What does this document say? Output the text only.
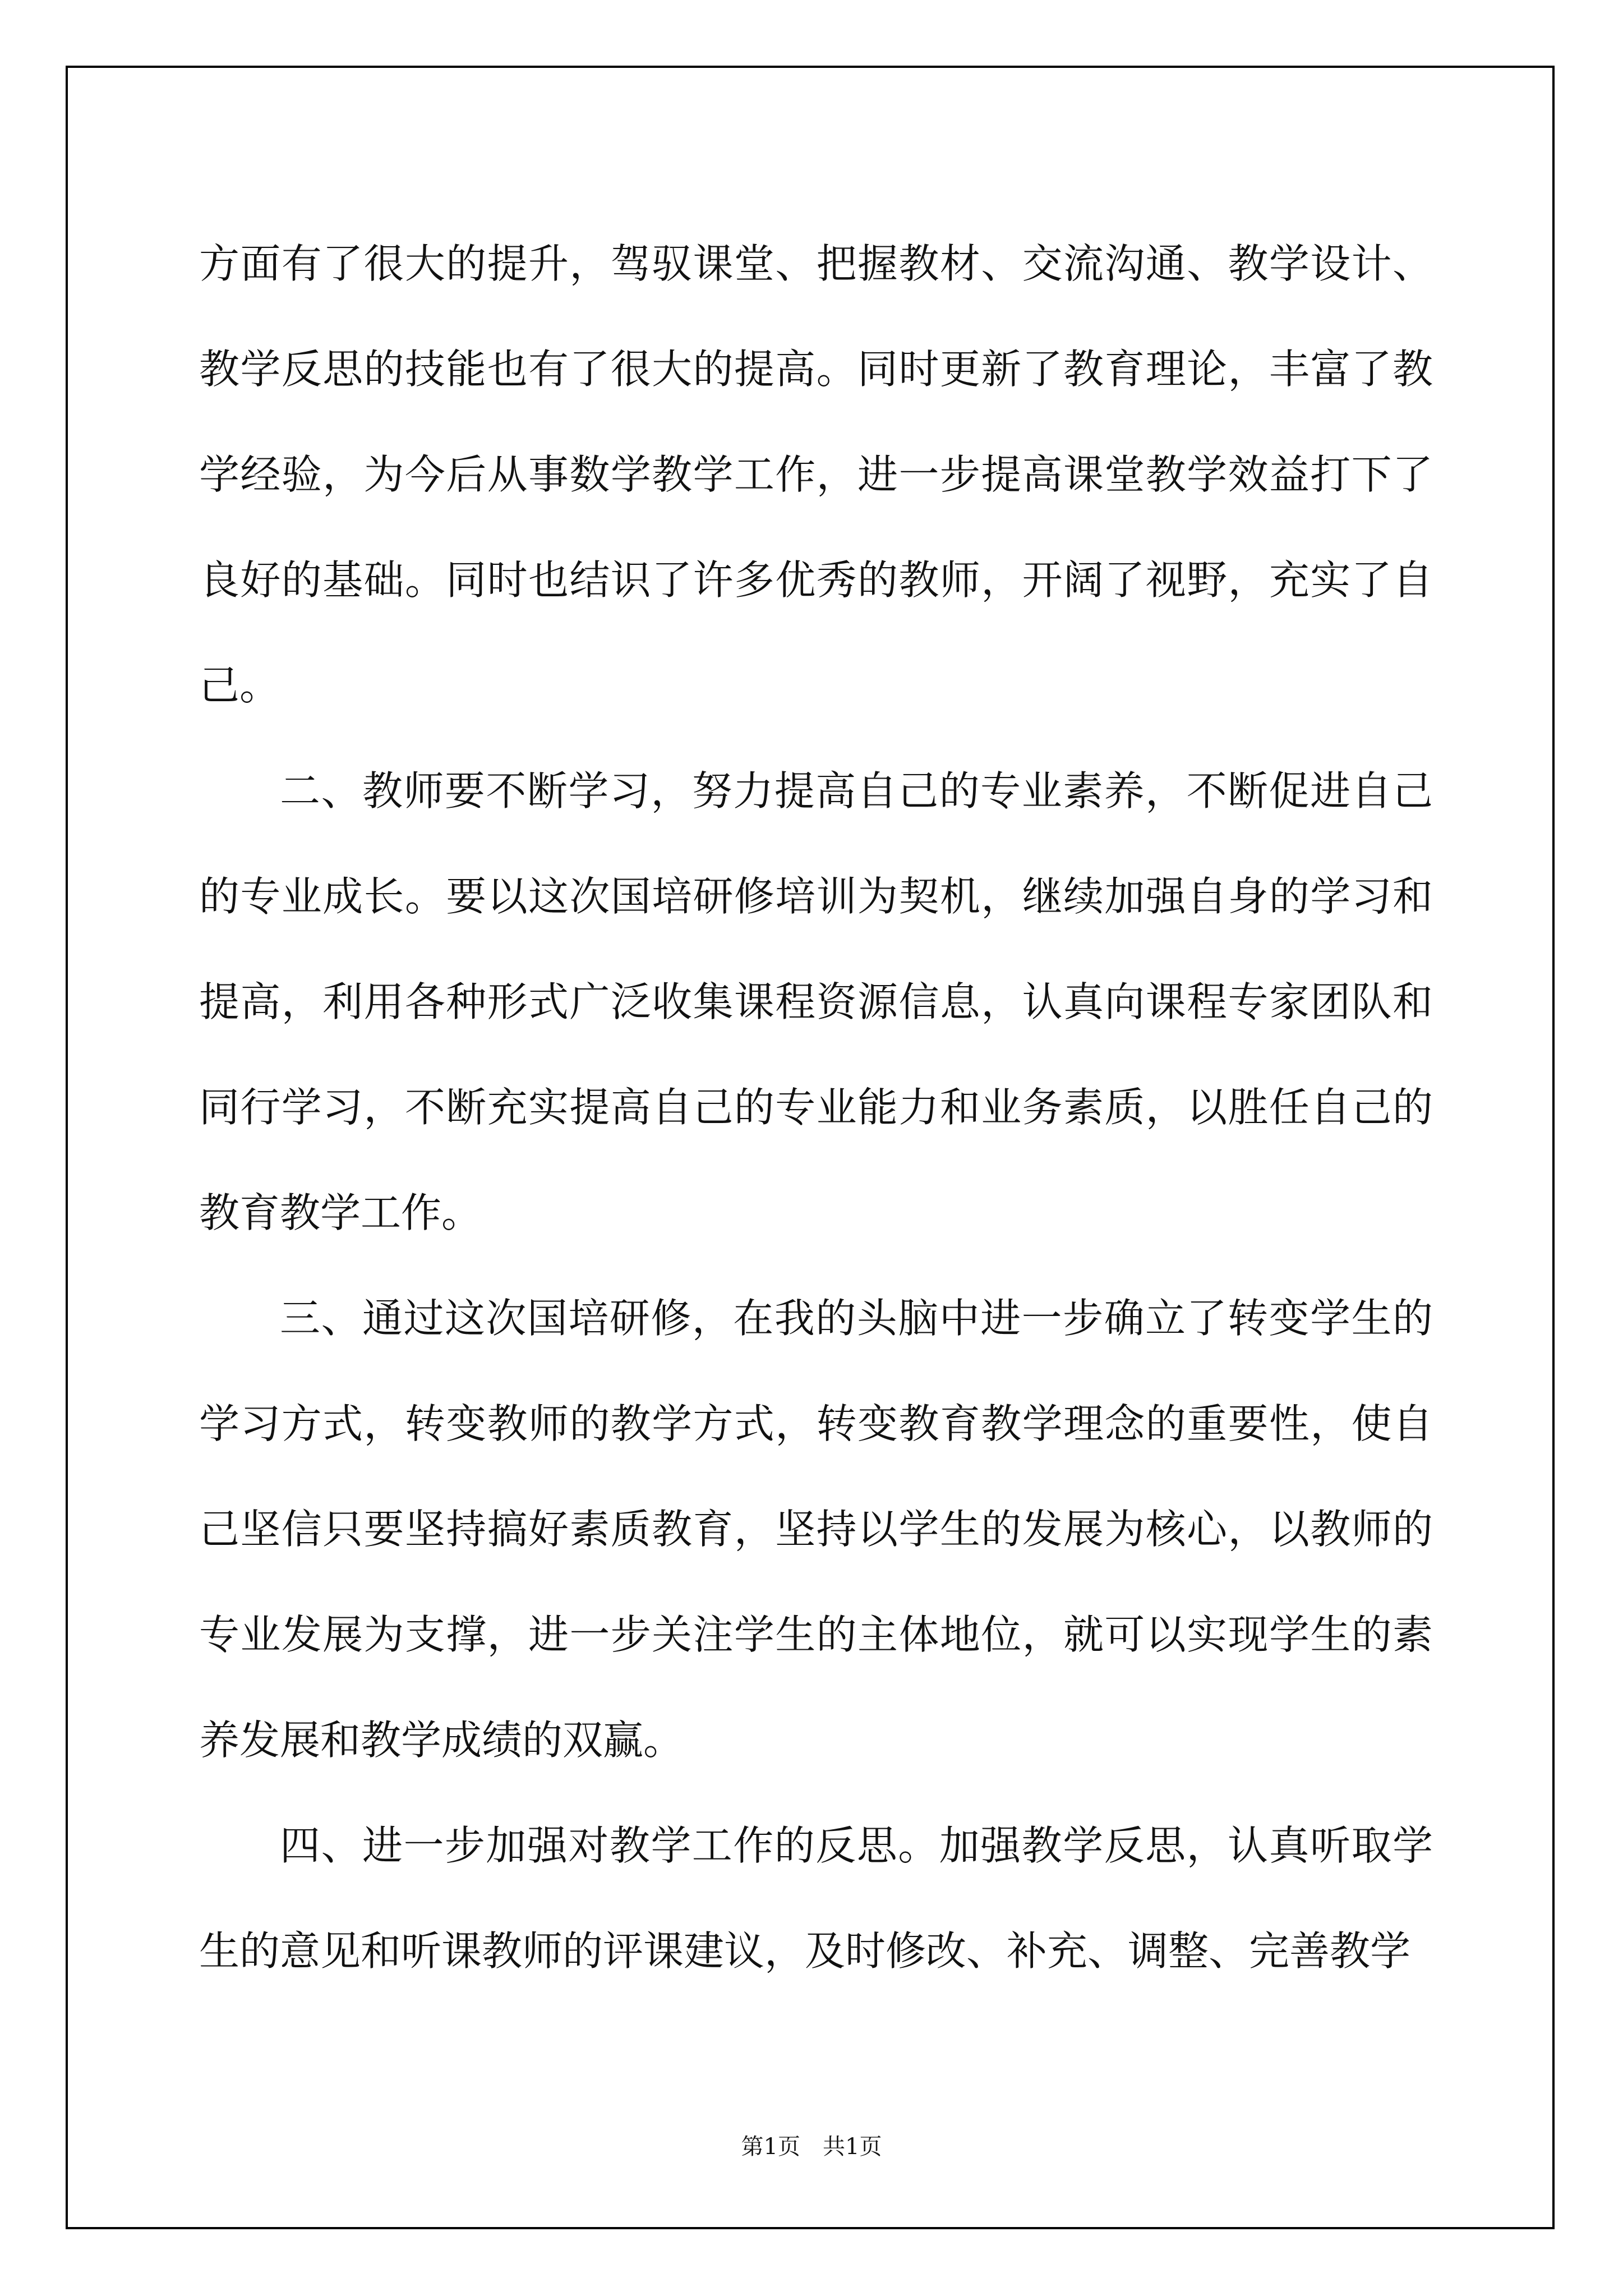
方面有了很大的提升，驾驭课堂、把握教材、交流沟通、教学设计、教学反思的技能也有了很大的提高。同时更新了教育理论，丰富了教学经验，为今后从事数学教学工作，进一步提高课堂教学效益打下了良好的基础。同时也结识了许多优秀的教师，开阔了视野，充实了自己。

二、教师要不断学习，努力提高自己的专业素养，不断促进自己的专业成长。要以这次国培研修培训为契机，继续加强自身的学习和提高，利用各种形式广泛收集课程资源信息，认真向课程专家团队和同行学习，不断充实提高自己的专业能力和业务素质，以胜任自己的教育教学工作。

三、通过这次国培研修，在我的头脑中进一步确立了转变学生的学习方式，转变教师的教学方式，转变教育教学理念的重要性，使自己坚信只要坚持搞好素质教育，坚持以学生的发展为核心，以教师的专业发展为支撑，进一步关注学生的主体地位，就可以实现学生的素养发展和教学成绩的双赢。

四、进一步加强对教学工作的反思。加强教学反思，认真听取学生的意见和听课教师的评课建议，及时修改、补充、调整、完善教学

第1页　共1页
